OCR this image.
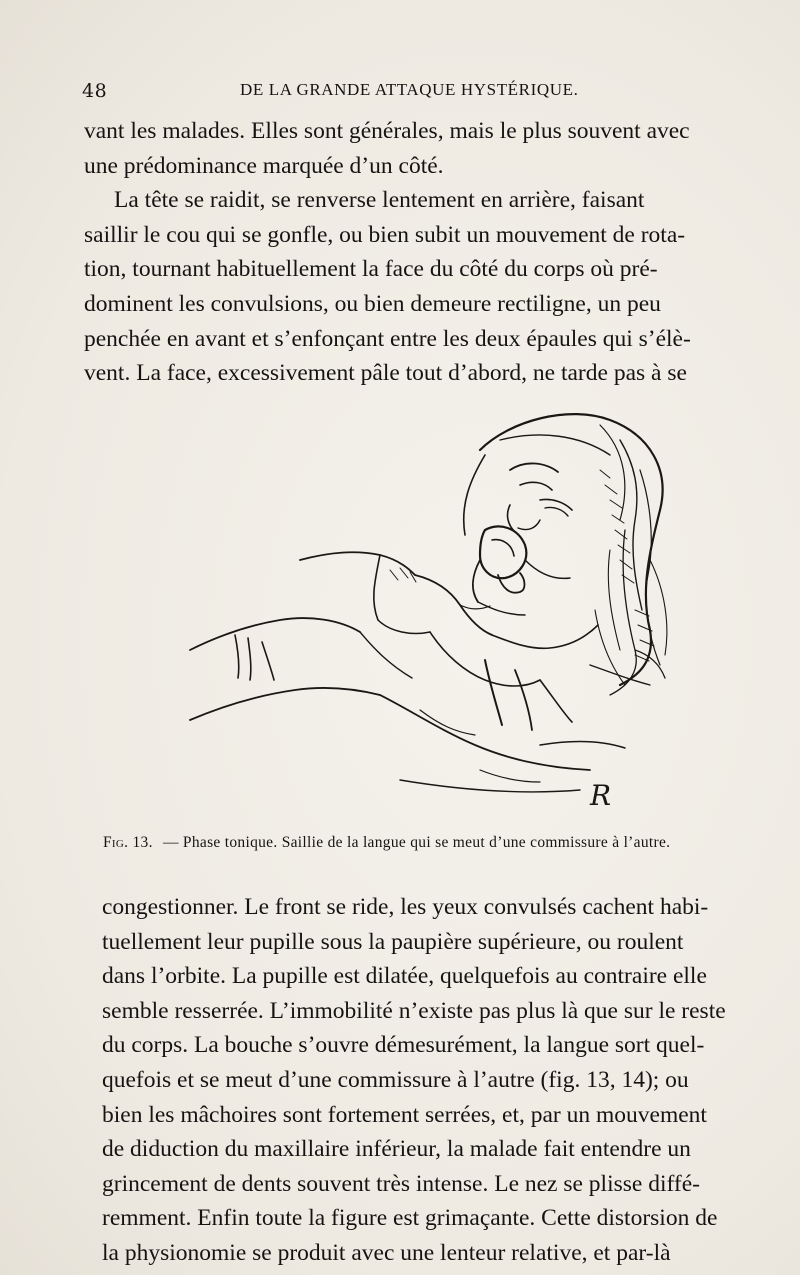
48	DE LA GRANDE ATTAQUE HYSTÉRIQUE.

vant les malades. Elles sont générales, mais le plus souvent avec
une prédominance marquée d’un côté.

La tête se raidit, se renverse lentement en arrière, faisant
saillir le cou qui se gonfle, ou bien subit un mouvement de rota-
tion, tournant habituellement la face du côté du corps où pré-
dominent les convulsions, ou bien demeure rectiligne, un peu
penchée en avant et s’enfonçant entre les deux épaules qui s’élè-
vent. La face, excessivement pâle tout d’abord, ne tarde pas à se

R
Fig. 13. — Phase tonique. Saillie de la langue qui se meut d’une commissure à l’autre.

congestionner. Le front se ride, les yeux convulsés cachent habi-
tuellement leur pupille sous la paupière supérieure, ou roulent
dans l’orbite. La pupille est dilatée, quelquefois au contraire elle
semble resserrée. L’immobilité n’existe pas plus là que sur le reste
du corps. La bouche s’ouvre démesurément, la langue sort quel-
quefois et se meut d’une commissure à l’autre (fig. 13, 14); ou
bien les mâchoires sont fortement serrées, et, par un mouvement
de diduction du maxillaire inférieur, la malade fait entendre un
grincement de dents souvent très intense. Le nez se plisse diffé-
remment. Enfin toute la figure est grimaçante. Cette distorsion de
la physionomie se produit avec une lenteur relative, et par-là
